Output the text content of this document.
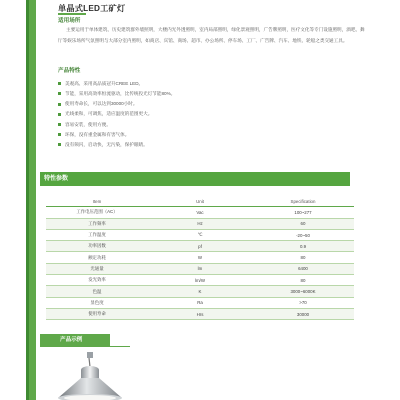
单晶式LED工矿灯
适用场所
主要运用于单体建筑、历史建筑群外墙照明，大楼内光外透照明，室内局部照明，绿化景观照明，广告牌照明，医疗文化等专门设施照明，酒吧、舞厅等娱乐场所气氛照明与大部分室内照明，如商店、宾馆、商场、超市、办公场所、停车场、工厂、广告牌、汽车、地铁、轮船之类交通工具。
产品特性
美观高、采用高品质冠升CREE LED。
节能，采用高效率恒流驱动，比传统投光灯节能80%。
使用寿命长，可以达到30000小时。
光线柔和，可调焦，适应温度的范围更大。
容易安装，使用方便。
环保，没有重金属和有害气体。
没有频闪，启动快，无污染，保护眼睛。
特性参数
Item	Unit	Specification
工作电压范围（AC）	Vac	100~277
工作频率	Hz	60
工作温度	℃	-20~50
功率因数	pf	0.9
额定功耗	W	80
光通量	lm	6400
发光效率	lm/W	80
色温	K	3000~6000K
显色度	Ra	>70
使用寿命	Hrs	30000
产品示例
